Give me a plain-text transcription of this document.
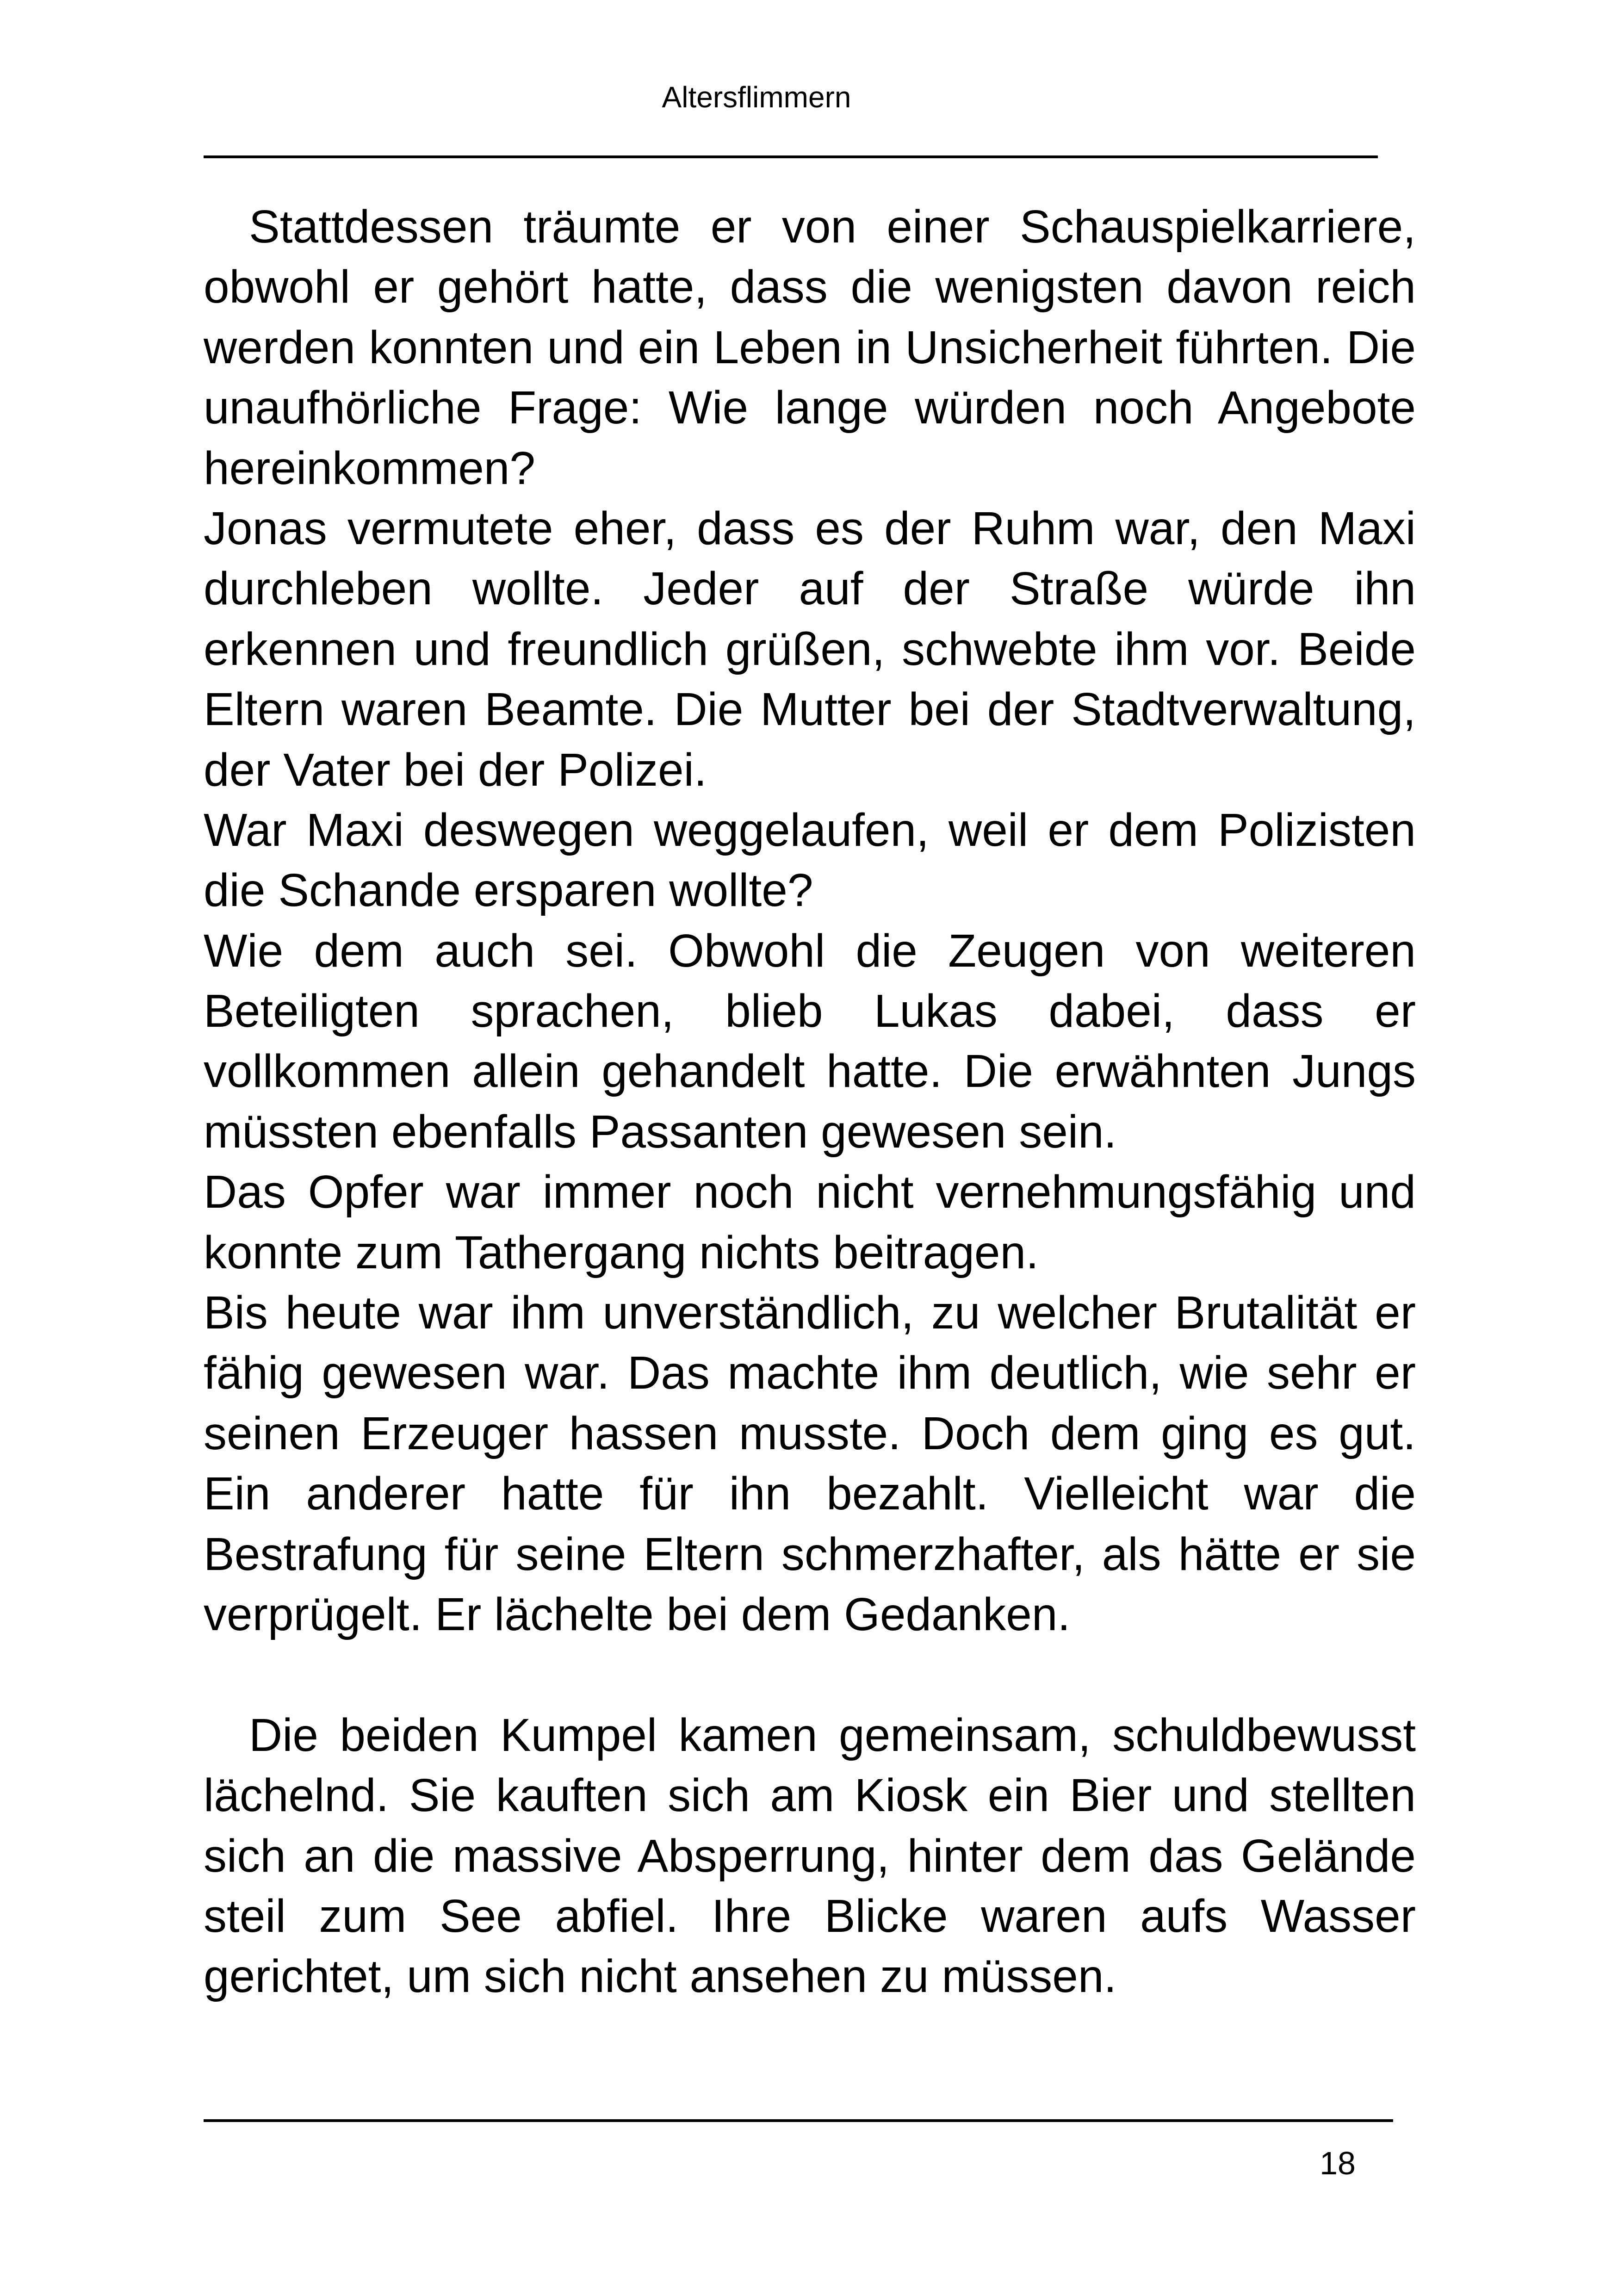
Altersflimmern
Stattdessen träumte er von einer Schauspielkarriere,
obwohl er gehört hatte, dass die wenigsten davon reich
werden konnten und ein Leben in Unsicherheit führten. Die
unaufhörliche Frage: Wie lange würden noch Angebote
hereinkommen?
Jonas vermutete eher, dass es der Ruhm war, den Maxi
durchleben wollte. Jeder auf der Straße würde ihn
erkennen und freundlich grüßen, schwebte ihm vor. Beide
Eltern waren Beamte. Die Mutter bei der Stadtverwaltung,
der Vater bei der Polizei.
War Maxi deswegen weggelaufen, weil er dem Polizisten
die Schande ersparen wollte?
Wie dem auch sei. Obwohl die Zeugen von weiteren
Beteiligten sprachen, blieb Lukas dabei, dass er
vollkommen allein gehandelt hatte. Die erwähnten Jungs
müssten ebenfalls Passanten gewesen sein.
Das Opfer war immer noch nicht vernehmungsfähig und
konnte zum Tathergang nichts beitragen.
Bis heute war ihm unverständlich, zu welcher Brutalität er
fähig gewesen war. Das machte ihm deutlich, wie sehr er
seinen Erzeuger hassen musste. Doch dem ging es gut.
Ein anderer hatte für ihn bezahlt. Vielleicht war die
Bestrafung für seine Eltern schmerzhafter, als hätte er sie
verprügelt. Er lächelte bei dem Gedanken.
Die beiden Kumpel kamen gemeinsam, schuldbewusst
lächelnd. Sie kauften sich am Kiosk ein Bier und stellten
sich an die massive Absperrung, hinter dem das Gelände
steil zum See abfiel. Ihre Blicke waren aufs Wasser
gerichtet, um sich nicht ansehen zu müssen.
18
